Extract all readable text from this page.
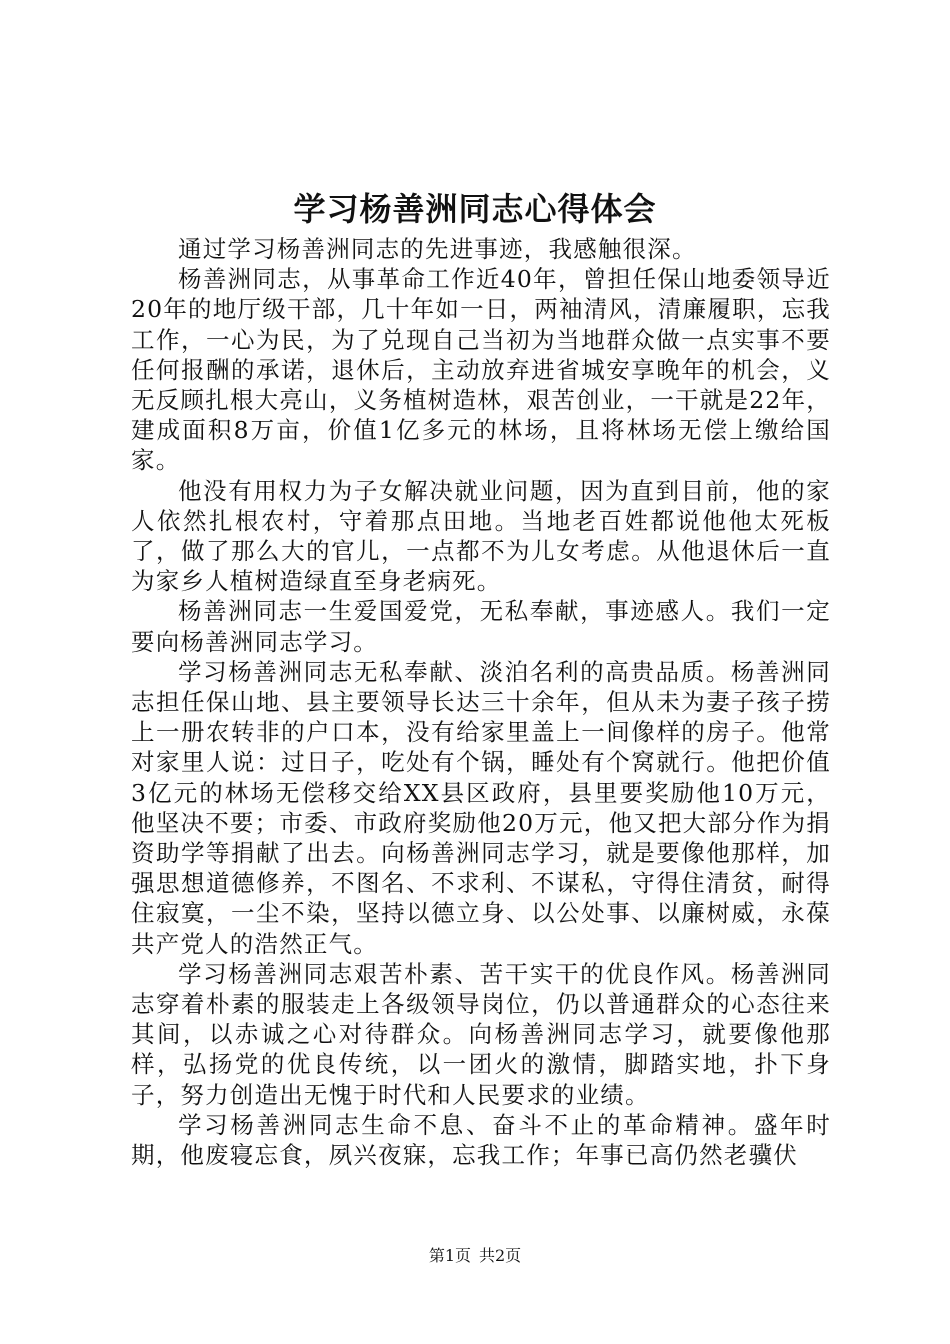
学习杨善洲同志心得体会

通过学习杨善洲同志的先进事迹，我感触很深。

杨善洲同志，从事革命工作近40年，曾担任保山地委领导近20年的地厅级干部，几十年如一日，两袖清风，清廉履职，忘我工作，一心为民，为了兑现自己当初为当地群众做一点实事不要任何报酬的承诺，退休后，主动放弃进省城安享晚年的机会，义无反顾扎根大亮山，义务植树造林，艰苦创业，一干就是22年，建成面积8万亩，价值1亿多元的林场，且将林场无偿上缴给国家。

他没有用权力为子女解决就业问题，因为直到目前，他的家人依然扎根农村，守着那点田地。当地老百姓都说他他太死板了，做了那么大的官儿，一点都不为儿女考虑。从他退休后一直为家乡人植树造绿直至身老病死。

杨善洲同志一生爱国爱党，无私奉献，事迹感人。我们一定要向杨善洲同志学习。

学习杨善洲同志无私奉献、淡泊名利的高贵品质。杨善洲同志担任保山地、县主要领导长达三十余年，但从未为妻子孩子捞上一册农转非的户口本，没有给家里盖上一间像样的房子。他常对家里人说：过日子，吃处有个锅，睡处有个窝就行。他把价值3亿元的林场无偿移交给XX县区政府，县里要奖励他10万元，他坚决不要；市委、市政府奖励他20万元，他又把大部分作为捐资助学等捐献了出去。向杨善洲同志学习，就是要像他那样，加强思想道德修养，不图名、不求利、不谋私，守得住清贫，耐得住寂寞，一尘不染，坚持以德立身、以公处事、以廉树威，永葆共产党人的浩然正气。

学习杨善洲同志艰苦朴素、苦干实干的优良作风。杨善洲同志穿着朴素的服装走上各级领导岗位，仍以普通群众的心态往来其间，以赤诚之心对待群众。向杨善洲同志学习，就要像他那样，弘扬党的优良传统，以一团火的激情，脚踏实地，扑下身子，努力创造出无愧于时代和人民要求的业绩。

学习杨善洲同志生命不息、奋斗不止的革命精神。盛年时期，他废寝忘食，夙兴夜寐，忘我工作；年事已高仍然老骥伏

第1页 共2页
